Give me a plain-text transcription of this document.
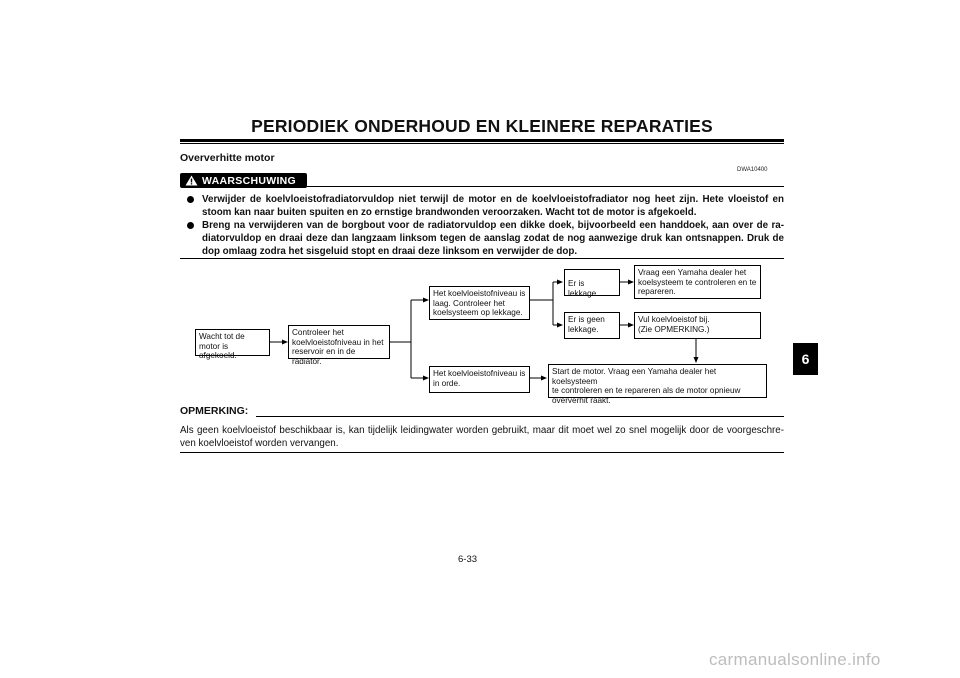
PERIODIEK ONDERHOUD EN KLEINERE REPARATIES
Oververhitte motor
DWA10400
WAARSCHUWING
Verwijder de koelvloeistofradiatorvuldop niet terwijl de motor en de koelvloeistofradiator nog heet zijn. Hete vloeistof en stoom kan naar buiten spuiten en zo ernstige brandwonden veroorzaken. Wacht tot de motor is afgekoeld.
Breng na verwijderen van de borgbout voor de radiatorvuldop een dikke doek, bijvoorbeeld een handdoek, aan over de ra-diatorvuldop en draai deze dan langzaam linksom tegen de aanslag zodat de nog aanwezige druk kan ontsnappen. Druk de dop omlaag zodra het sisgeluid stopt en draai deze linksom en verwijder de dop.
Wacht tot de
motor is afgekoeld.
Controleer het
koelvloeistofniveau in het
reservoir en in de radiator.
Het koelvloeistofniveau is
laag. Controleer het
koelsysteem op lekkage.
Het koelvloeistofniveau is
in orde.
Er is lekkage.
Er is geen
lekkage.
Vraag een Yamaha dealer het
koelsysteem te controleren en te
repareren.
Vul koelvloeistof bij.
(Zie OPMERKING.)
Start de motor. Vraag een Yamaha dealer het koelsysteem
te controleren en te repareren als de motor opnieuw
oververhit raakt.
OPMERKING:
Als geen koelvloeistof beschikbaar is, kan tijdelijk leidingwater worden gebruikt, maar dit moet wel zo snel mogelijk door de voorgeschre-ven koelvloeistof worden vervangen.
6-33
6
carmanualsonline.info
